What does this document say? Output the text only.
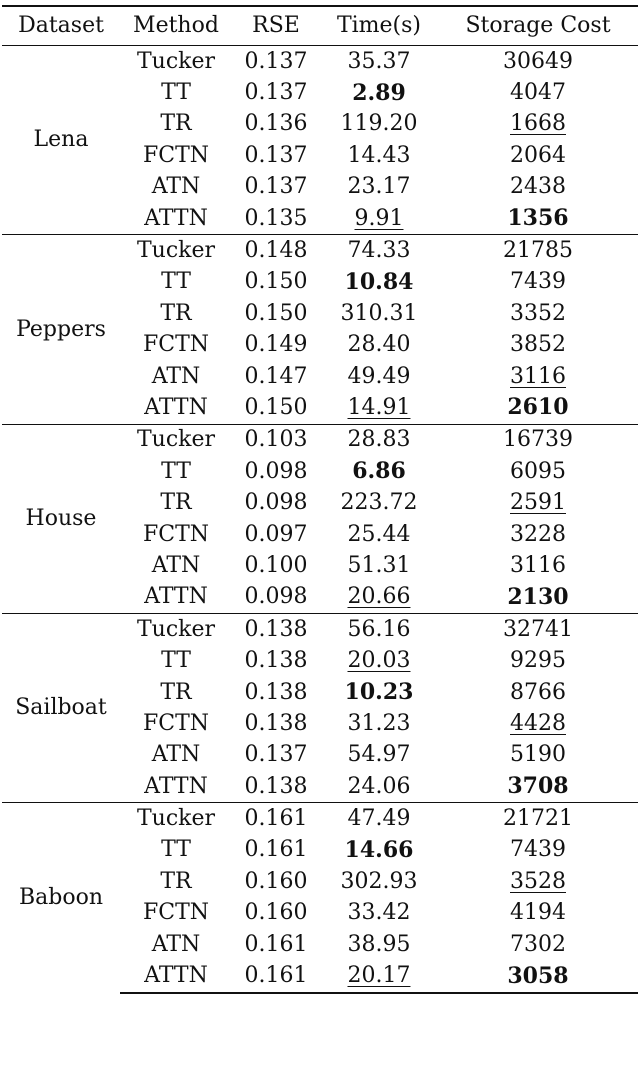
Dataset	Method	RSE	Time(s)	Storage Cost
Lena	Tucker	0.137	35.37	30649
	TT	0.137	2.89	4047
	TR	0.136	119.20	1668
	FCTN	0.137	14.43	2064
	ATN	0.137	23.17	2438
	ATTN	0.135	9.91	1356
Peppers	Tucker	0.148	74.33	21785
	TT	0.150	10.84	7439
	TR	0.150	310.31	3352
	FCTN	0.149	28.40	3852
	ATN	0.147	49.49	3116
	ATTN	0.150	14.91	2610
House	Tucker	0.103	28.83	16739
	TT	0.098	6.86	6095
	TR	0.098	223.72	2591
	FCTN	0.097	25.44	3228
	ATN	0.100	51.31	3116
	ATTN	0.098	20.66	2130
Sailboat	Tucker	0.138	56.16	32741
	TT	0.138	20.03	9295
	TR	0.138	10.23	8766
	FCTN	0.138	31.23	4428
	ATN	0.137	54.97	5190
	ATTN	0.138	24.06	3708
Baboon	Tucker	0.161	47.49	21721
	TT	0.161	14.66	7439
	TR	0.160	302.93	3528
	FCTN	0.160	33.42	4194
	ATN	0.161	38.95	7302
	ATTN	0.161	20.17	3058
